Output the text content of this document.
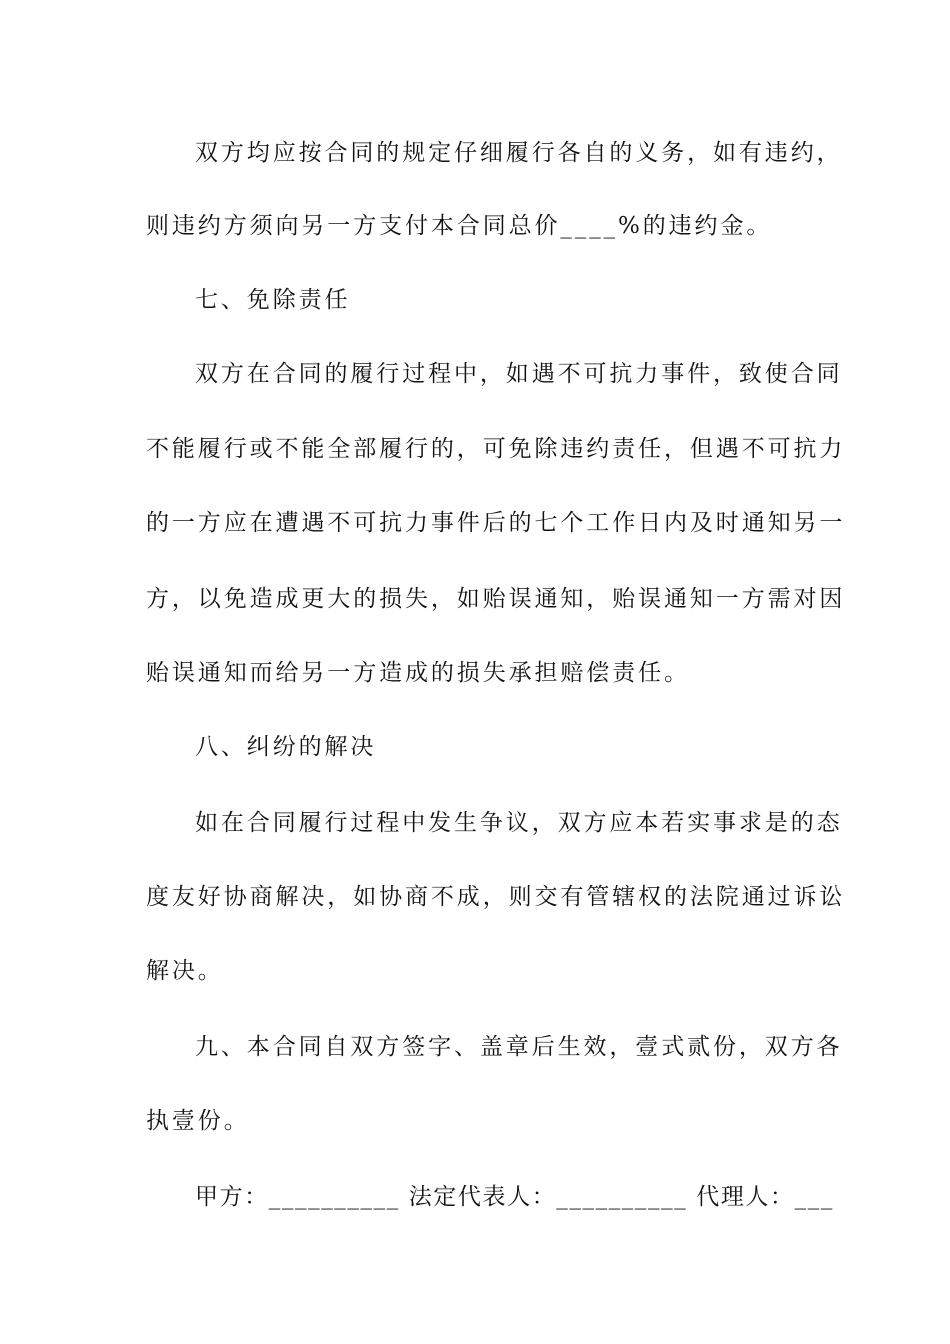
双方均应按合同的规定仔细履行各自的义务，如有违约，
则违约方须向另一方支付本合同总价____%的违约金。
七、免除责任
双方在合同的履行过程中，如遇不可抗力事件，致使合同
不能履行或不能全部履行的，可免除违约责任，但遇不可抗力
的一方应在遭遇不可抗力事件后的七个工作日内及时通知另一
方，以免造成更大的损失，如贻误通知，贻误通知一方需对因
贻误通知而给另一方造成的损失承担赔偿责任。
八、纠纷的解决
如在合同履行过程中发生争议，双方应本若实事求是的态
度友好协商解决，如协商不成，则交有管辖权的法院通过诉讼
解决。
九、本合同自双方签字、盖章后生效，壹式贰份，双方各
执壹份。
甲方：__________ 法定代表人：__________ 代理人：___
